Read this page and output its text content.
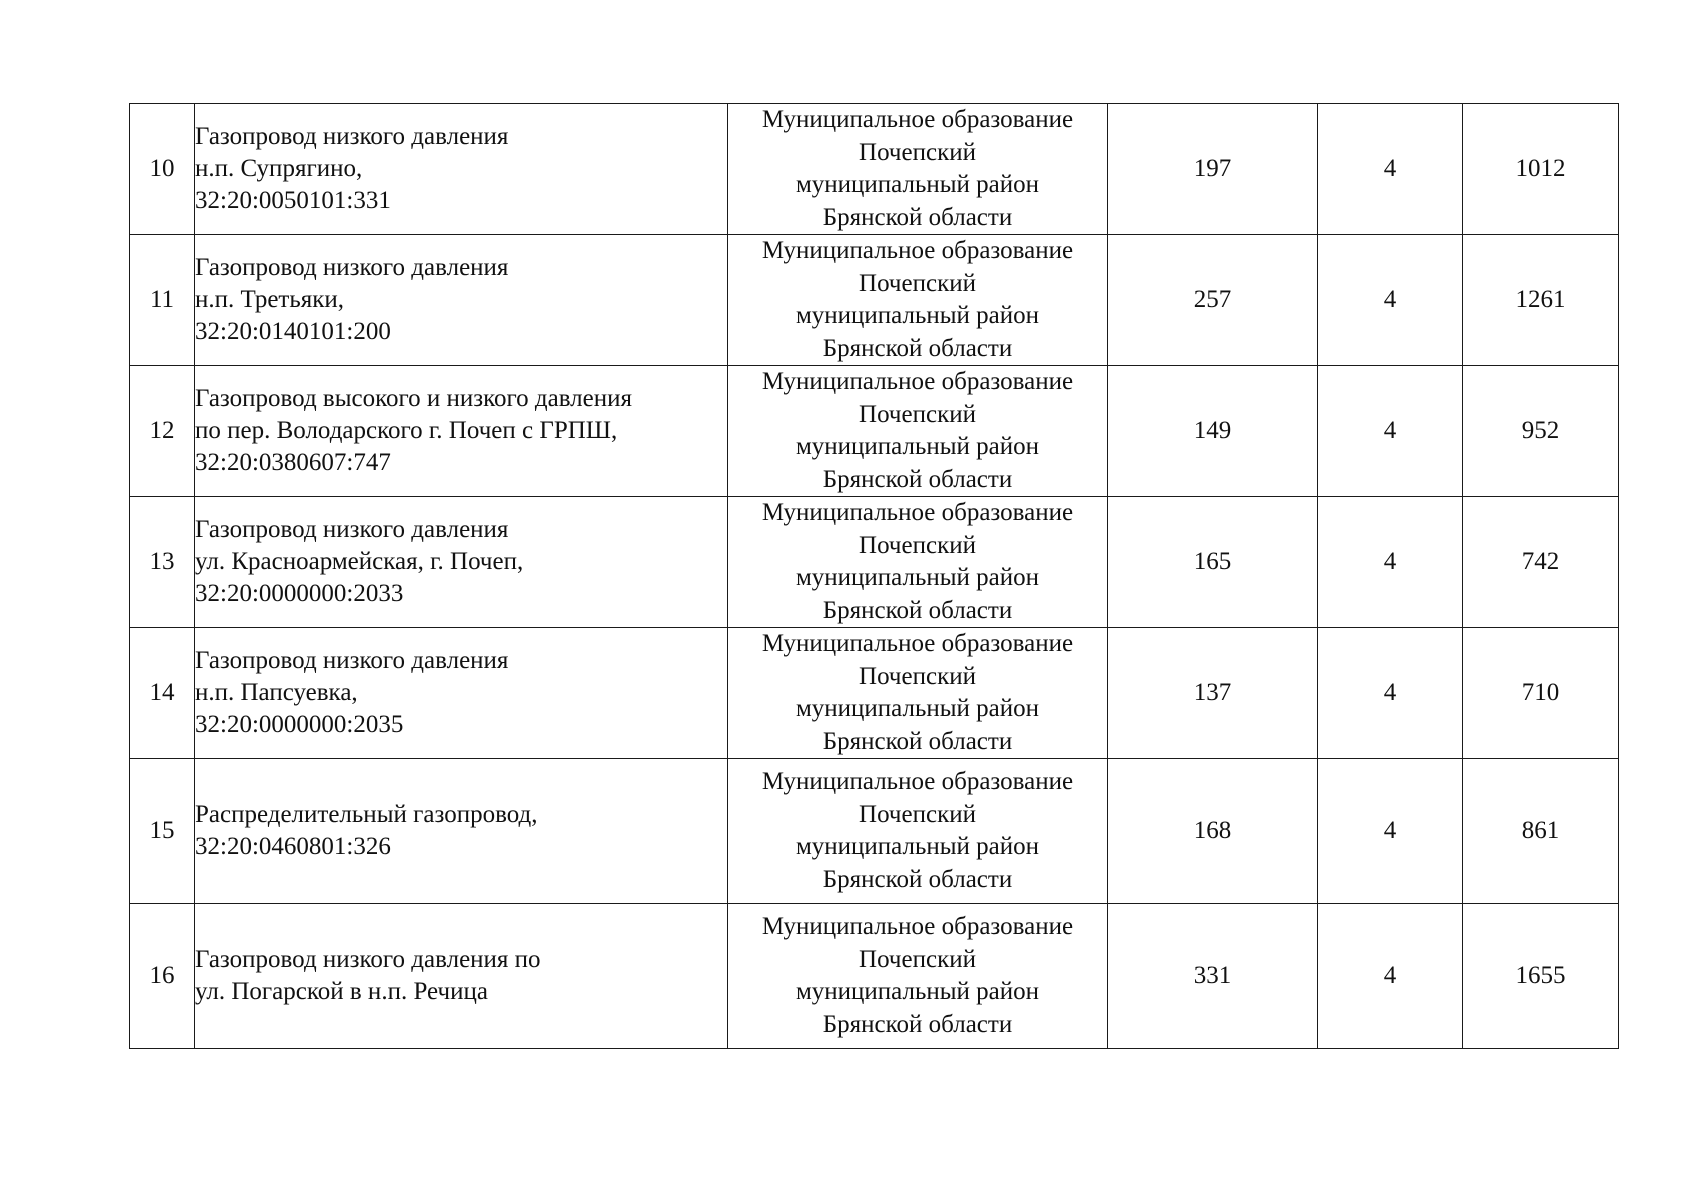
10	Газопровод низкого давления
н.п. Супрягино,
32:20:0050101:331	Муниципальное образование
Почепский
муниципальный район
Брянской области	197	4	1012
11	Газопровод низкого давления
н.п. Третьяки,
32:20:0140101:200	Муниципальное образование
Почепский
муниципальный район
Брянской области	257	4	1261
12	Газопровод высокого и низкого давления
по пер. Володарского г. Почеп с ГРПШ,
32:20:0380607:747	Муниципальное образование
Почепский
муниципальный район
Брянской области	149	4	952
13	Газопровод низкого давления
ул. Красноармейская, г. Почеп,
32:20:0000000:2033	Муниципальное образование
Почепский
муниципальный район
Брянской области	165	4	742
14	Газопровод низкого давления
н.п. Папсуевка,
32:20:0000000:2035	Муниципальное образование
Почепский
муниципальный район
Брянской области	137	4	710
15	Распределительный газопровод,
32:20:0460801:326	Муниципальное образование
Почепский
муниципальный район
Брянской области	168	4	861
16	Газопровод низкого давления по
ул. Погарской в н.п. Речица	Муниципальное образование
Почепский
муниципальный район
Брянской области	331	4	1655
